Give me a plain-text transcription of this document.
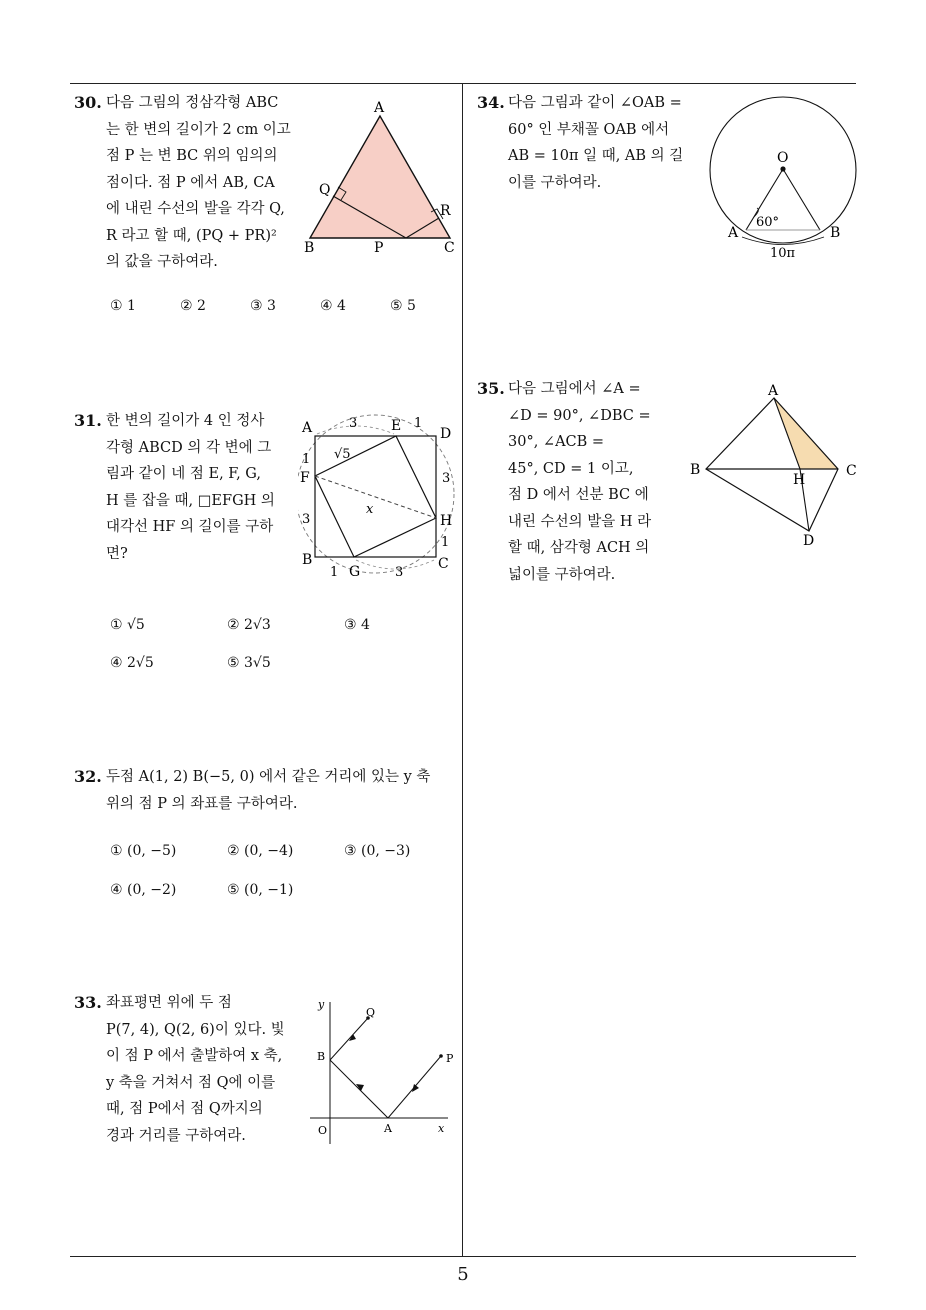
30. 다음 그림의 정삼각형 ABC
는 한 변의 길이가 2 cm 이고
점 P 는 변 BC 위의 임의의
점이다. 점 P 에서 AB, CA
에 내린 수선의 발을 각각 Q,
R 라고 할 때, (PQ + PR)²
의 값을 구하여라.
A
Q
R
B	P	C
① 1	② 2	③ 3	④ 4	⑤ 5
31. 한 변의 길이가 4 인 정사
각형 ABCD 의 각 변에 그
림과 같이 네 점 E, F, G,
H 를 잡을 때, □EFGH 의
대각선 HF 의 길이를 구하
면?
A	3 E 1
D
1 √5
F	3
3
x
H
1
B
1 G	3
C
① √5	② 2√3	③ 4
④ 2√5	⑤ 3√5
32. 두점 A(1, 2) B(−5, 0) 에서 같은 거리에 있는 y 축
위의 점 P 의 좌표를 구하여라.
① (0, −5)	② (0, −4)	③ (0, −3)
④ (0, −2)	⑤ (0, −1)
33. 좌표평면 위에 두 점
P(7, 4), Q(2, 6)이 있다. 빛
이 점 P 에서 출발하여 x 축,
y 축을 거쳐서 점 Q에 이를
때, 점 P에서 점 Q까지의
경과 거리를 구하여라.
y
Q
B	P
O	A	x
34. 다음 그림과 같이 ∠OAB =
60° 인 부채꼴 OAB 에서
AB = 10π 일 때, AB 의 길
이를 구하여라.
O
60°
A	B
10π
35. 다음 그림에서 ∠A =
∠D = 90°, ∠DBC =
30°, ∠ACB =
45°, CD = 1 이고,
점 D 에서 선분 BC 에
내린 수선의 발을 H 라
할 때, 삼각형 ACH 의
넓이를 구하여라.
A
B
H
C
D
5
